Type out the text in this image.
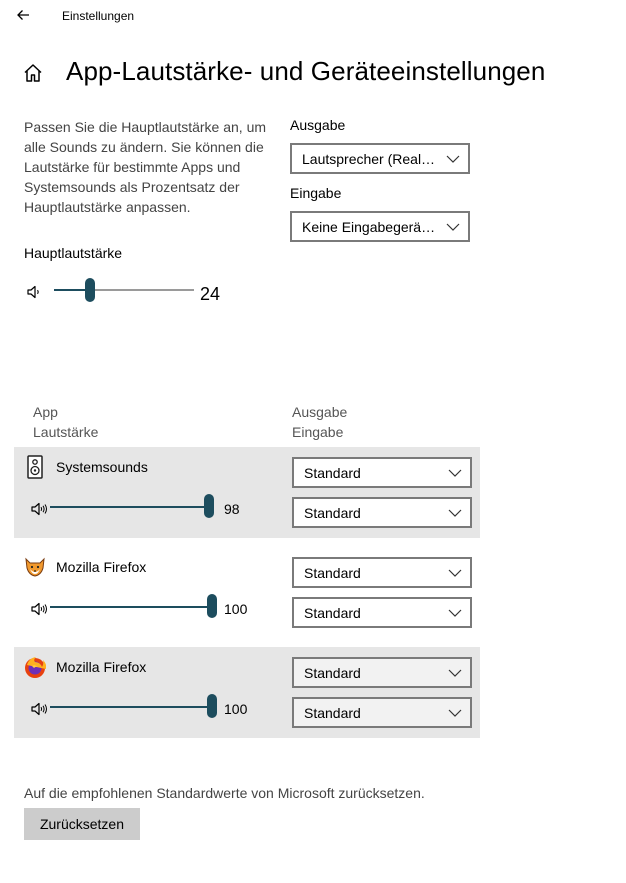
Einstellungen
App-Lautstärke- und Geräteeinstellungen
Passen Sie die Hauptlautstärke an, um alle Sounds zu ändern. Sie können die Lautstärke für bestimmte Apps und Systemsounds als Prozentsatz der Hauptlautstärke anpassen.
Hauptlautstärke
24
Ausgabe
Lautsprecher (Real…
Eingabe
Keine Eingabegerä…
App
Lautstärke
Ausgabe
Eingabe
Systemsounds
98
Standard
Standard
Mozilla Firefox
100
Standard
Standard
Mozilla Firefox
100
Standard
Standard
Auf die empfohlenen Standardwerte von Microsoft zurücksetzen.
Zurücksetzen
